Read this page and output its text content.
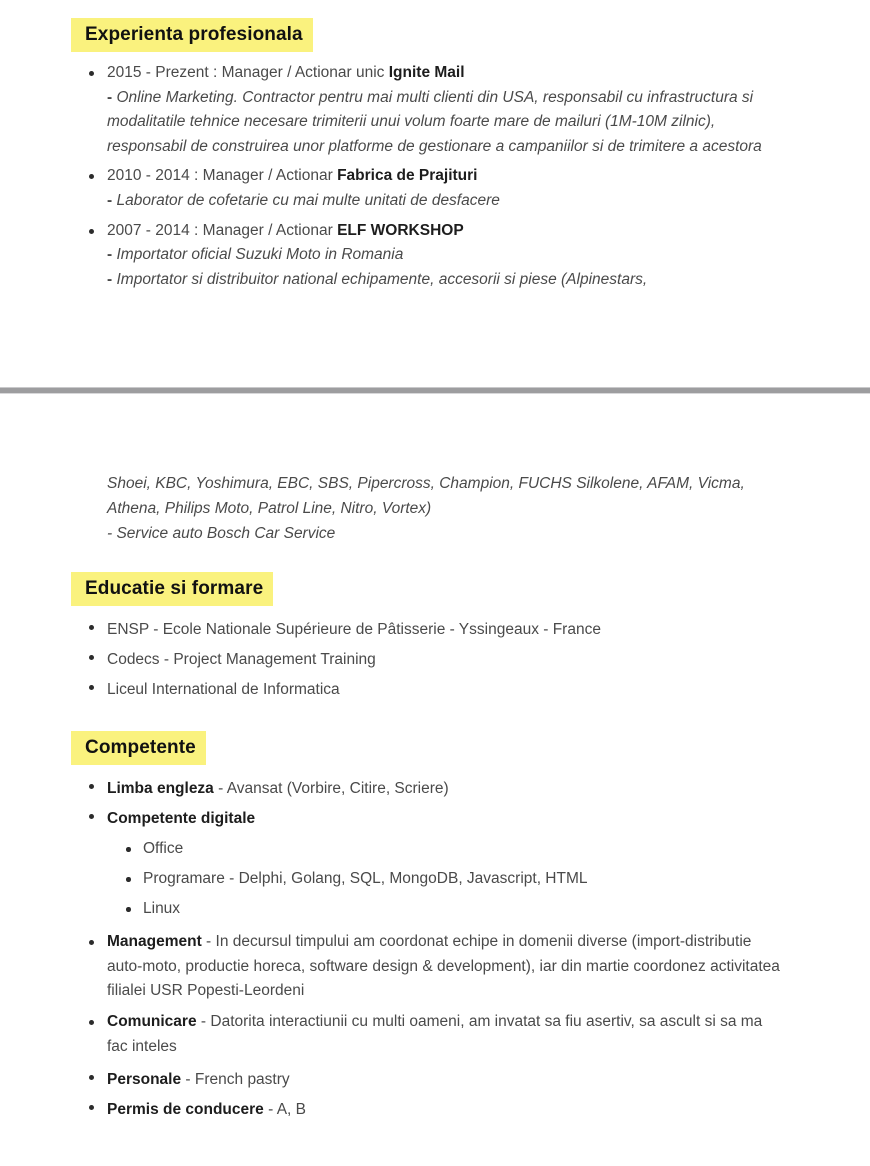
Experienta profesionala
2015 - Prezent : Manager / Actionar unic Ignite Mail
- Online Marketing. Contractor pentru mai multi clienti din USA, responsabil cu infrastructura si modalitatile tehnice necesare trimiterii unui volum foarte mare de mailuri (1M-10M zilnic), responsabil de construirea unor platforme de gestionare a campaniilor si de trimitere a acestora
2010 - 2014 : Manager / Actionar Fabrica de Prajituri
- Laborator de cofetarie cu mai multe unitati de desfacere
2007 - 2014 : Manager / Actionar ELF WORKSHOP
- Importator oficial Suzuki Moto in Romania
- Importator si distribuitor national echipamente, accesorii si piese (Alpinestars,

Shoei, KBC, Yoshimura, EBC, SBS, Pipercross, Champion, FUCHS Silkolene, AFAM, Vicma, Athena, Philips Moto, Patrol Line, Nitro, Vortex)
- Service auto Bosch Car Service

Educatie si formare
ENSP - Ecole Nationale Supérieure de Pâtisserie - Yssingeaux - France
Codecs - Project Management Training
Liceul International de Informatica
Competente
Limba engleza - Avansat (Vorbire, Citire, Scriere)
Competente digitale
Office
Programare - Delphi, Golang, SQL, MongoDB, Javascript, HTML
Linux
Management - In decursul timpului am coordonat echipe in domenii diverse (import-distributie auto-moto, productie horeca, software design & development), iar din martie coordonez activitatea filialei USR Popesti-Leordeni
Comunicare - Datorita interactiunii cu multi oameni, am invatat sa fiu asertiv, sa ascult si sa ma fac inteles
Personale - French pastry
Permis de conducere - A, B
